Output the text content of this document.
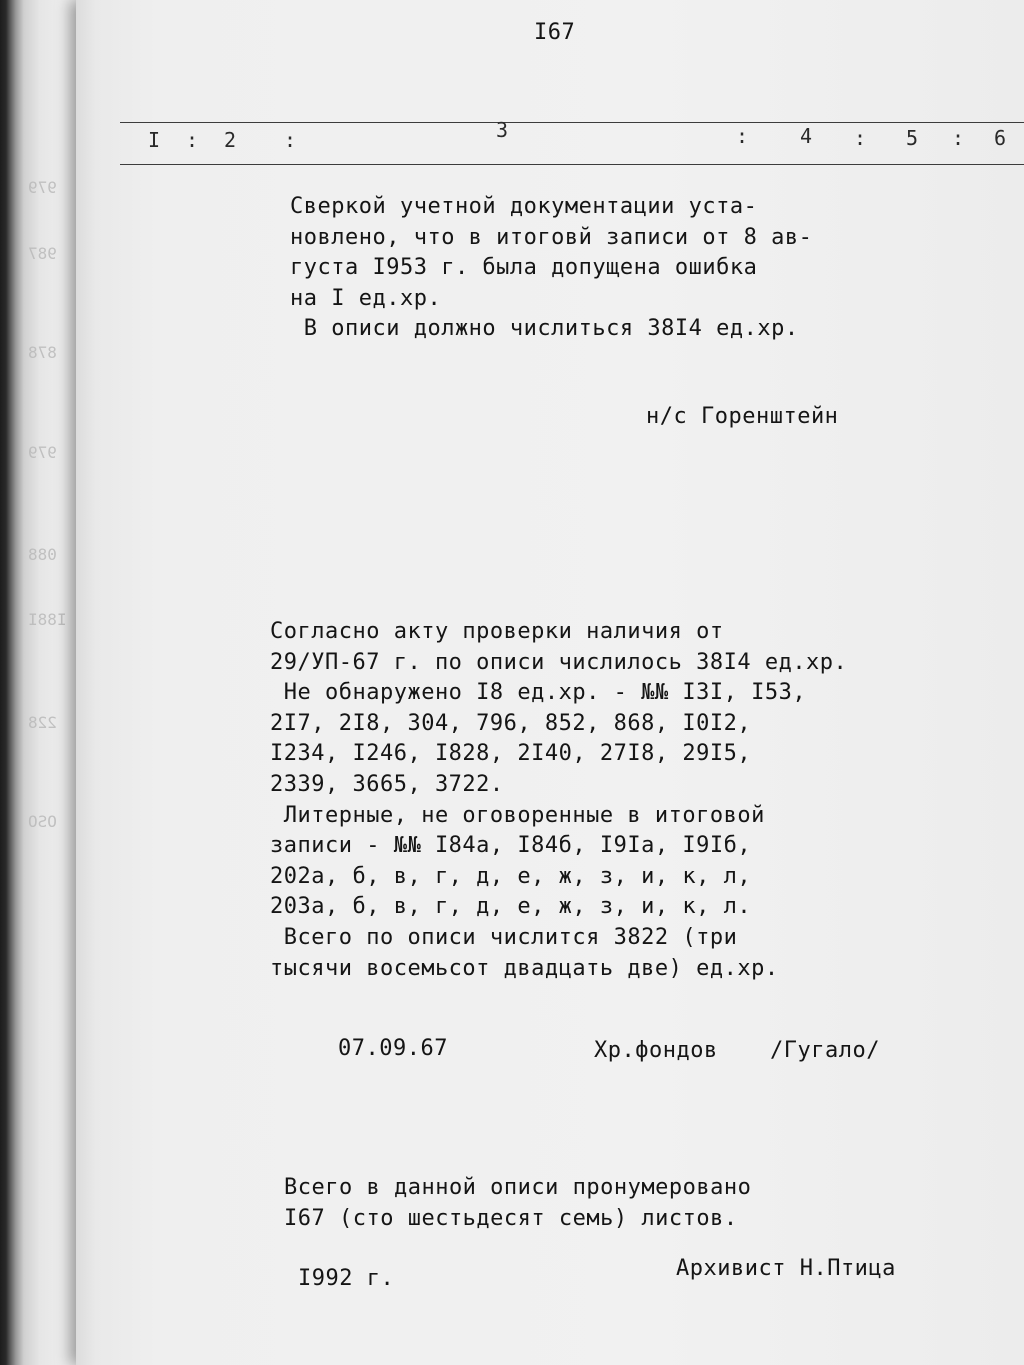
979
987
878
979
088
I88I
228
OSO
I67
I : 2 :	3	:	4 : 5 : 6
Сверкой учетной документации уста-
новлено, что в итоговй записи от 8 ав-
густа I953 г. была допущена ошибка
на I ед.хр.
В описи должно числиться 38I4 ед.хр.
н/с Горенштейн
Согласно акту проверки наличия от
29/УП-67 г. по описи числилось 38I4 ед.хр.
Не обнаружено I8 ед.хр. - №№ I3I, I53,
2I7, 2I8, 304, 796, 852, 868, I0I2,
I234, I246, I828, 2I40, 27I8, 29I5,
2339, 3665, 3722.
Литерные, не оговоренные в итоговой
записи - №№ I84а, I84б, I9Iа, I9Iб,
202а, б, в, г, д, е, ж, з, и, к, л,
203а, б, в, г, д, е, ж, з, и, к, л.
Всего по описи числится 3822 (три
тысячи восемьсот двадцать две) ед.хр.
07.09.67	Хр.фондов /Гугало/
Всего в данной описи пронумеровано
I67 (сто шестьдесят семь) листов.
I992 г.	Архивист Н.Птица
